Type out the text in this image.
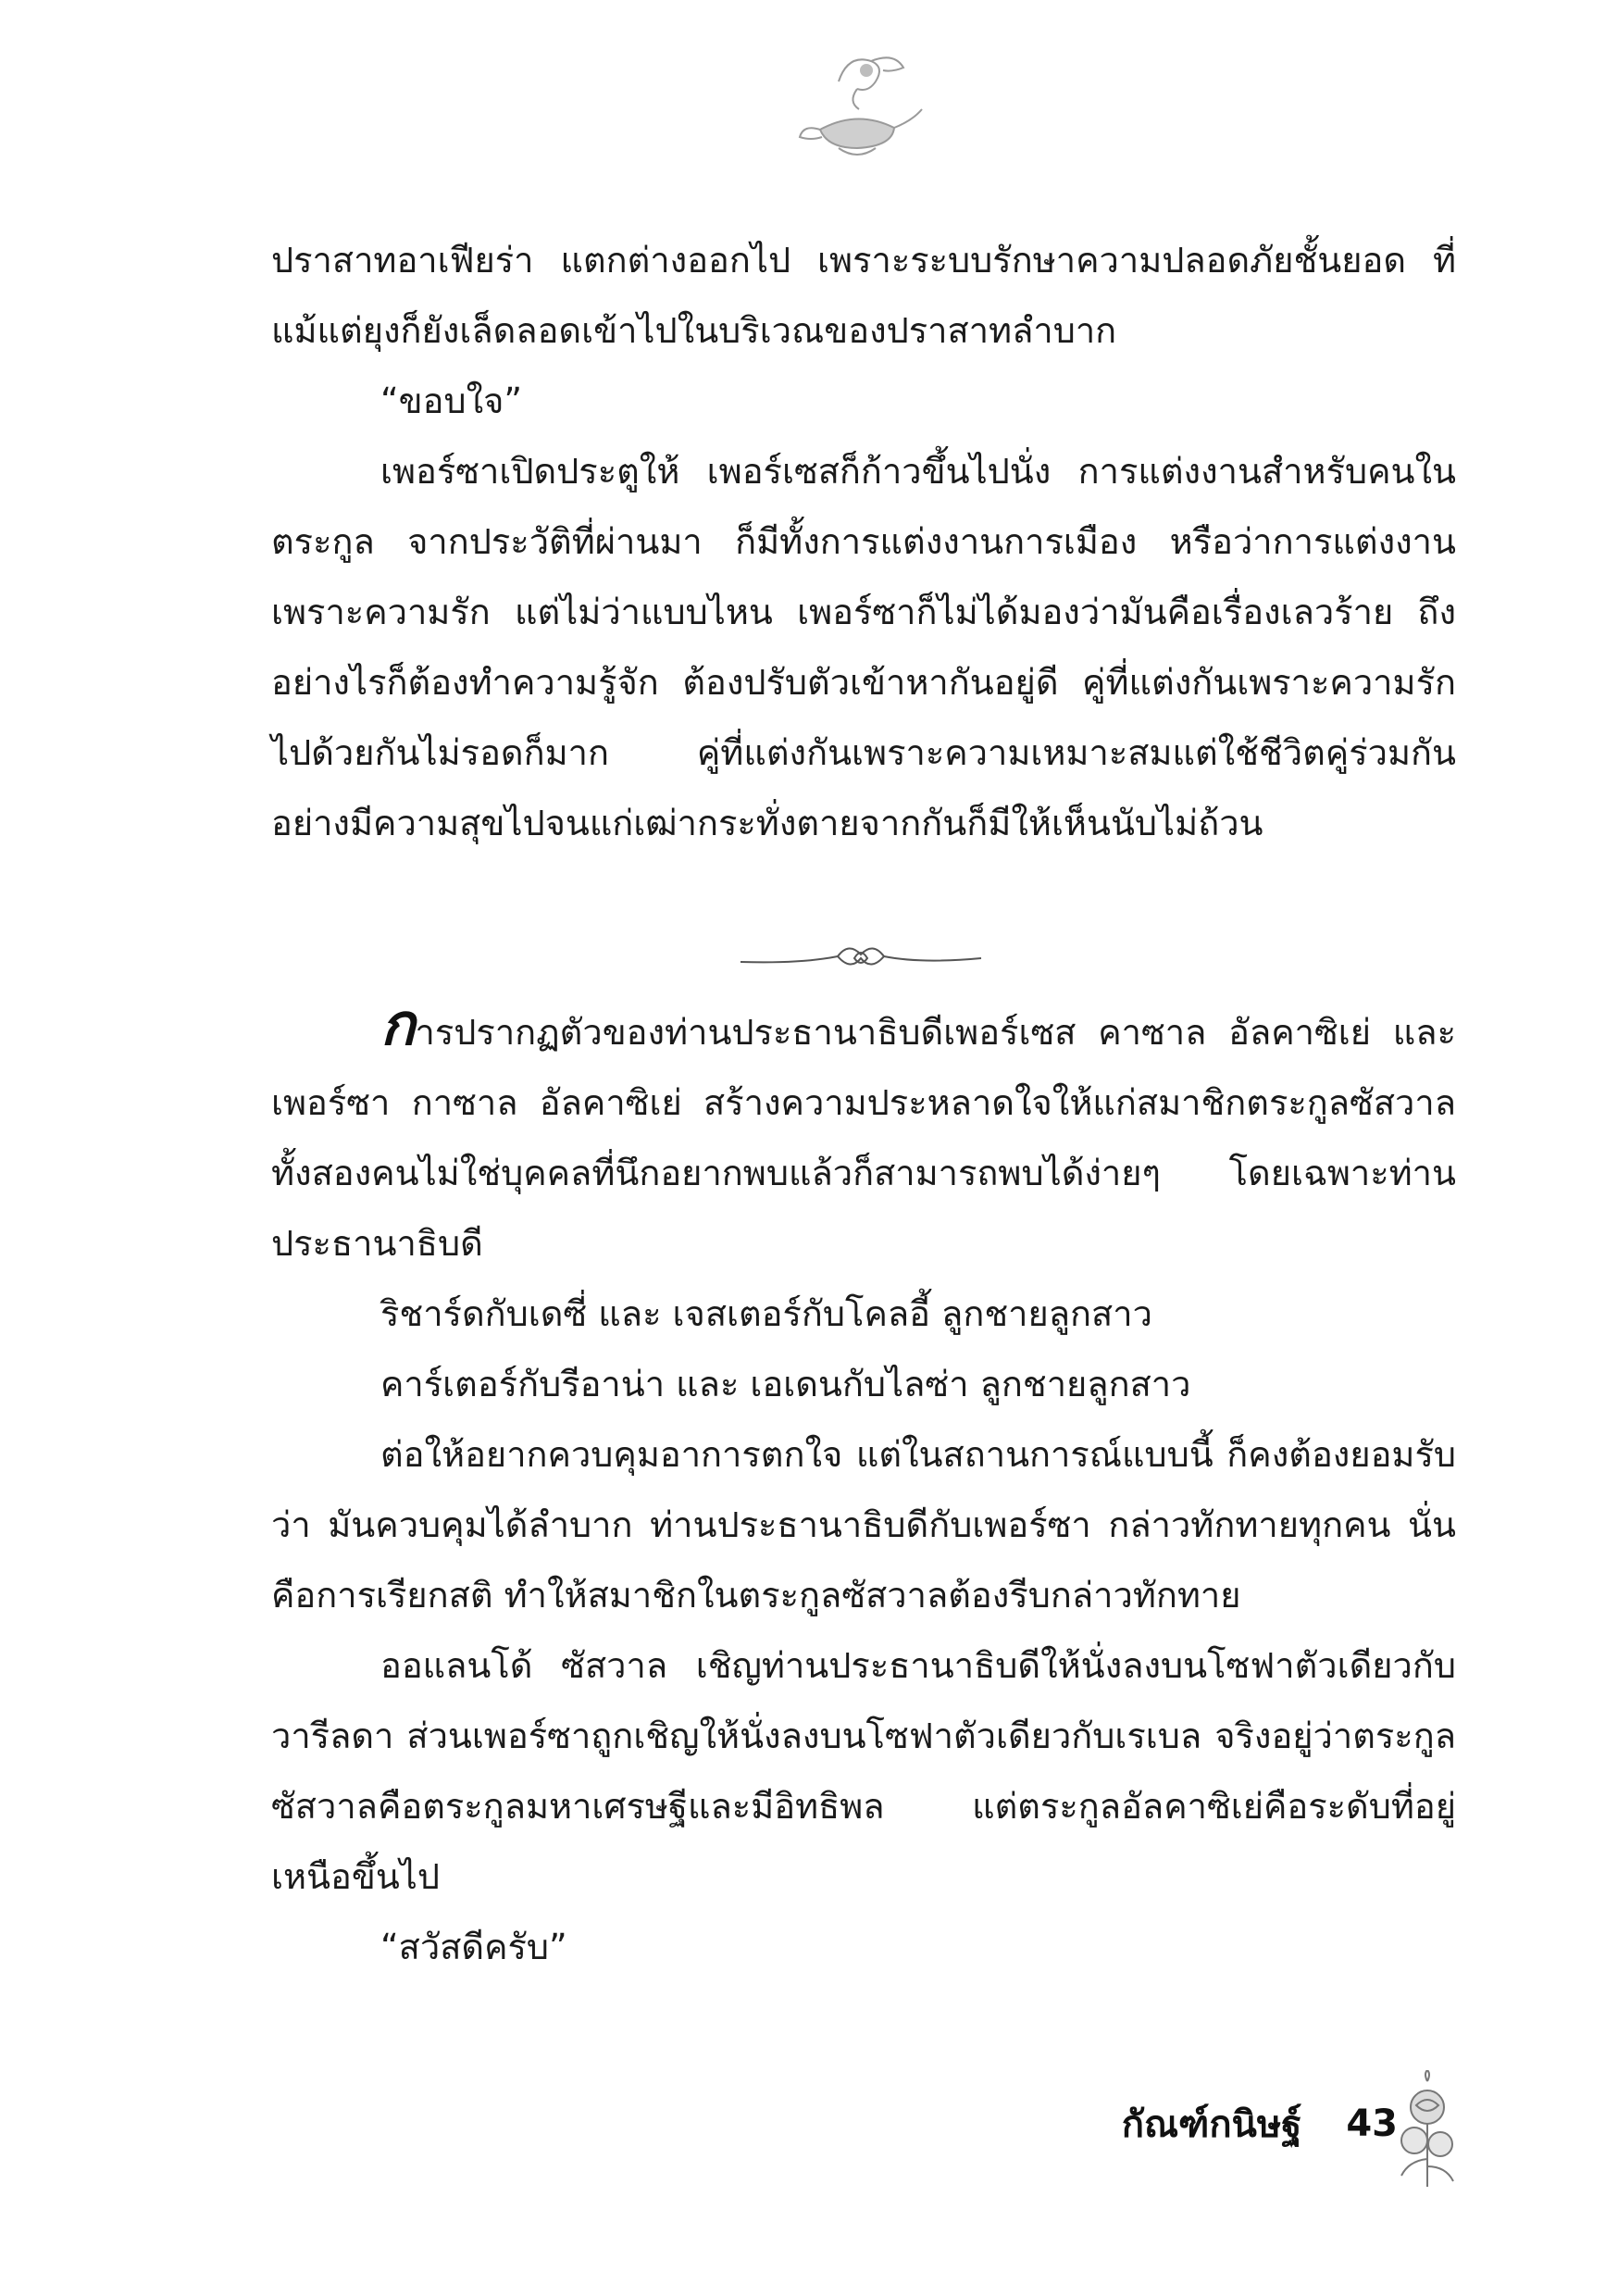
ปราสาทอาเฟียร่า แตกต่างออกไป เพราะระบบรักษาความปลอดภัยชั้นยอด ที่แม้แต่ยุงก็ยังเล็ดลอดเข้าไปในบริเวณของปราสาทลำบาก

“ขอบใจ”

เพอร์ซาเปิดประตูให้ เพอร์เซสก็ก้าวขึ้นไปนั่ง การแต่งงานสำหรับคนในตระกูล จากประวัติที่ผ่านมา ก็มีทั้งการแต่งงานการเมือง หรือว่าการแต่งงานเพราะความรัก แต่ไม่ว่าแบบไหน เพอร์ซาก็ไม่ได้มองว่ามันคือเรื่องเลวร้าย ถึงอย่างไรก็ต้องทำความรู้จัก ต้องปรับตัวเข้าหากันอยู่ดี คู่ที่แต่งกันเพราะความรัก ไปด้วยกันไม่รอดก็มาก คู่ที่แต่งกันเพราะความเหมาะสมแต่ใช้ชีวิตคู่ร่วมกันอย่างมีความสุขไปจนแก่เฒ่ากระทั่งตายจากกันก็มีให้เห็นนับไม่ถ้วน

การปรากฏตัวของท่านประธานาธิบดีเพอร์เซส คาซาล อัลคาซิเย่ และ เพอร์ซา กาซาล อัลคาซิเย่ สร้างความประหลาดใจให้แก่สมาชิกตระกูลซัสวาล ทั้งสองคนไม่ใช่บุคคลที่นึกอยากพบแล้วก็สามารถพบได้ง่ายๆ โดยเฉพาะท่านประธานาธิบดี

ริชาร์ดกับเดซี่ และ เจสเตอร์กับโคลอี้ ลูกชายลูกสาว

คาร์เตอร์กับรีอาน่า และ เอเดนกับไลซ่า ลูกชายลูกสาว

ต่อให้อยากควบคุมอาการตกใจ แต่ในสถานการณ์แบบนี้ ก็คงต้องยอมรับว่า มันควบคุมได้ลำบาก ท่านประธานาธิบดีกับเพอร์ซา กล่าวทักทายทุกคน นั่นคือการเรียกสติ ทำให้สมาชิกในตระกูลซัสวาลต้องรีบกล่าวทักทาย

ออแลนโด้ ซัสวาล เชิญท่านประธานาธิบดีให้นั่งลงบนโซฟาตัวเดียวกับวารีลดา ส่วนเพอร์ซาถูกเชิญให้นั่งลงบนโซฟาตัวเดียวกับเรเบล จริงอยู่ว่าตระกูลซัสวาลคือตระกูลมหาเศรษฐีและมีอิทธิพล แต่ตระกูลอัลคาซิเย่คือระดับที่อยู่เหนือขึ้นไป

“สวัสดีครับ”

กัณฑ์กนิษฐ์ 43
